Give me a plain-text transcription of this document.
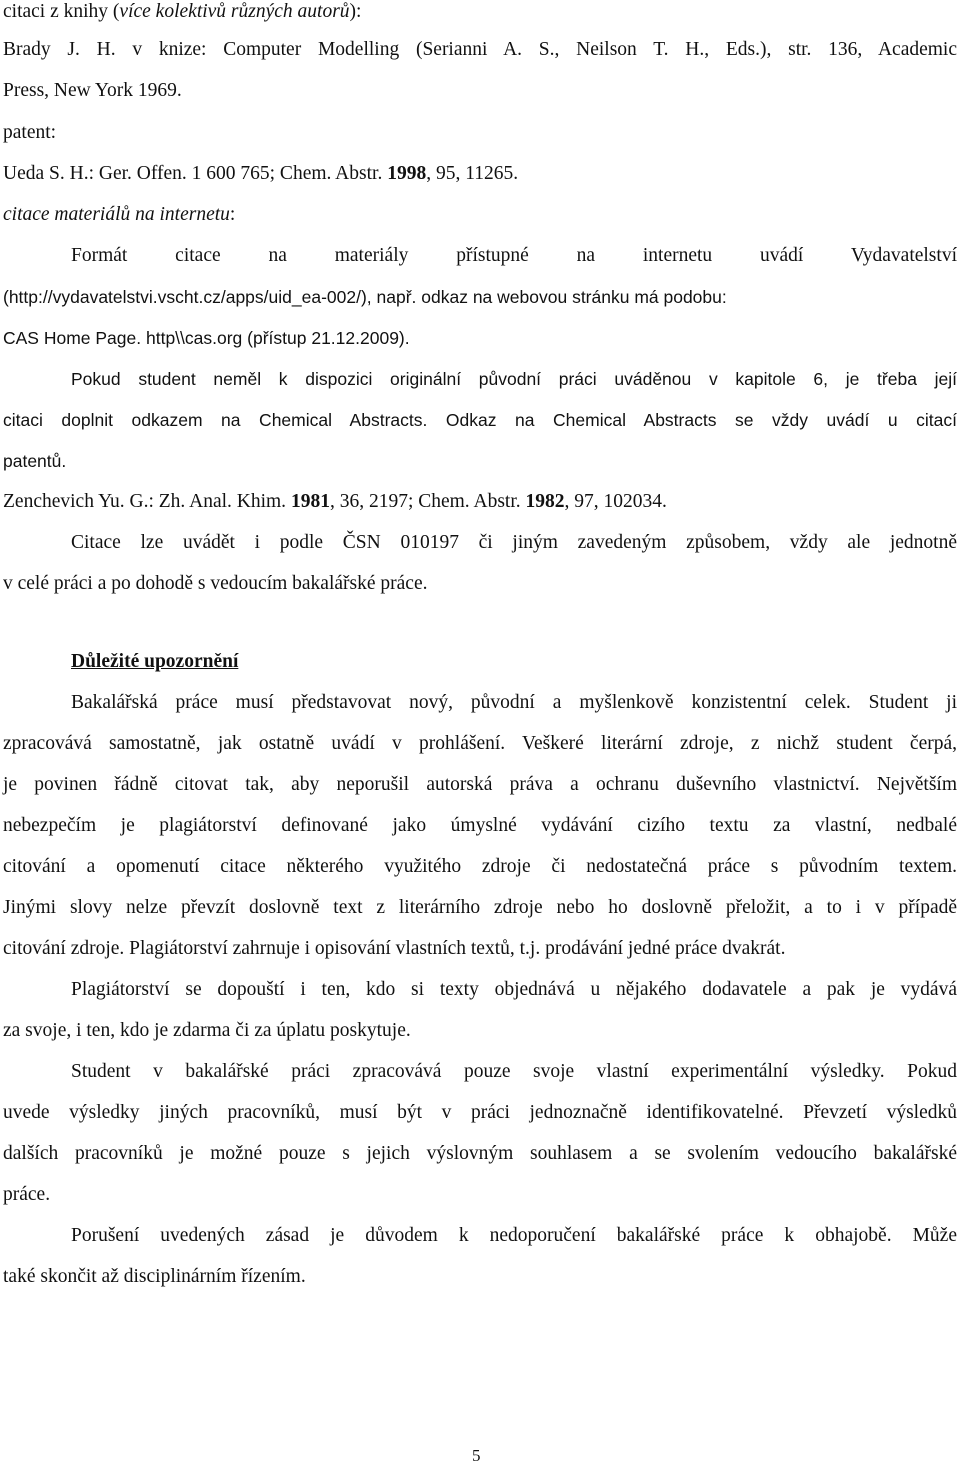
citaci z knihy (více kolektivů různých autorů):
Brady J. H. v knize: Computer Modelling (Serianni A. S., Neilson T. H., Eds.), str. 136, Academic
Press, New York 1969.
patent:
Ueda S. H.: Ger. Offen. 1 600 765; Chem. Abstr. 1998, 95, 11265.
citace materiálů na internetu:
Formát citace na materiály přístupné na internetu uvádí Vydavatelství
(http://vydavatelstvi.vscht.cz/apps/uid_ea-002/), např. odkaz na webovou stránku má podobu:
CAS Home Page. http\\cas.org (přístup 21.12.2009).
Pokud student neměl k dispozici originální původní práci uváděnou v kapitole 6, je třeba její
citaci doplnit odkazem na Chemical Abstracts. Odkaz na Chemical Abstracts se vždy uvádí u citací
patentů.
Zenchevich Yu. G.: Zh. Anal. Khim. 1981, 36, 2197; Chem. Abstr. 1982, 97, 102034.
Citace lze uvádět i podle ČSN 010197 či jiným zavedeným způsobem, vždy ale jednotně
v celé práci a po dohodě s vedoucím bakalářské práce.
Důležité upozornění
Bakalářská práce musí představovat nový, původní a myšlenkově konzistentní celek. Student ji
zpracovává samostatně, jak ostatně uvádí v prohlášení. Veškeré literární zdroje, z nichž student čerpá,
je povinen řádně citovat tak, aby neporušil autorská práva a ochranu duševního vlastnictví. Největším
nebezpečím je plagiátorství definované jako úmyslné vydávání cizího textu za vlastní, nedbalé
citování a opomenutí citace některého využitého zdroje či nedostatečná práce s původním textem.
Jinými slovy nelze převzít doslovně text z literárního zdroje nebo ho doslovně přeložit, a to i v případě
citování zdroje. Plagiátorství zahrnuje i opisování vlastních textů, t.j. prodávání jedné práce dvakrát.
Plagiátorství se dopouští i ten, kdo si texty objednává u nějakého dodavatele a pak je vydává
za svoje, i ten, kdo je zdarma či za úplatu poskytuje.
Student v bakalářské práci zpracovává pouze svoje vlastní experimentální výsledky. Pokud
uvede výsledky jiných pracovníků, musí být v práci jednoznačně identifikovatelné. Převzetí výsledků
dalších pracovníků je možné pouze s jejich výslovným souhlasem a se svolením vedoucího bakalářské
práce.
Porušení uvedených zásad je důvodem k nedoporučení bakalářské práce k obhajobě. Může
také skončit až disciplinárním řízením.
5
